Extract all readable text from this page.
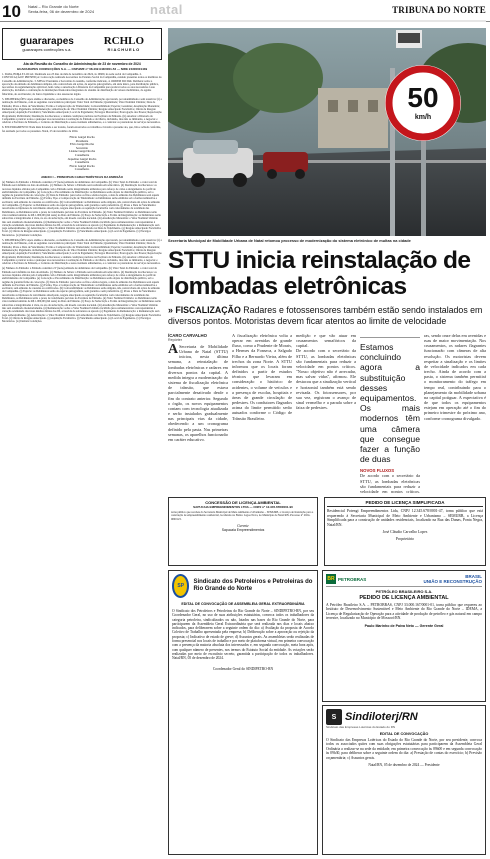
10 Natal – Rio Grande do Norte
Sexta-feira, 06 de dezembro de 2024	natal	TRIBUNA DO NORTE
guararapes
guararapes confecções s.a.
RCHLO
RIACHUELO
Ata da Reunião do Conselho de Administração de 23 de novembro de 2024
GUARARAPES CONFECÇÕES S.A. — CNPJ/MF nº 08.402.943/0001-52 — NIRE 24300001439

1. DATA, HORA E LOCAL: Realizada aos 23 dias do mês de novembro de 2024, às 10h00, na sede social da Companhia. 2. CONVOCAÇÃO E PRESENÇA: Convocação realizada nos termos do Estatuto Social da Companhia, estando presentes todos os membros do Conselho de Administração. 3. MESA: Presidente e Secretário da reunião, conforme indicado. 4. ORDEM DO DIA: Deliberar sobre a aprovação da emissão de debêntures simples, não conversíveis em ações, da espécie quirografária, em série única, para distribuição pública, nos termos da regulamentação aplicável, bem como a autorização à Diretoria da Companhia para praticar todos os atos necessários à sua efetivação, incluindo a contratação de instituições financeiras integrantes do sistema de distribuição de valores mobiliários, do agente fiduciário, do escriturador, do banco liquidante e dos assessores legais.

5. DELIBERAÇÕES: Após análise e discussão, os membros do Conselho de Administração aprovaram, por unanimidade e sem ressalvas: (i) a realização da Emissão, com as seguintes características principais: Valor Total da Emissão; Quantidade; Valor Nominal Unitário; Data de Emissão; Prazo e Data de Vencimento; Forma e Comprovação de Titularidade; Conversibilidade; Espécie; Garantias; Atualização Monetária; Remuneração; Pagamento da Remuneração; Amortização do Valor Nominal Unitário; Resgate Antecipado Facultativo; Oferta de Resgate Antecipado; Aquisição Facultativa; Vencimento Antecipado; Local de Pagamento; Encargos Moratórios; Prorrogação dos Prazos; Repactuação Programada; Publicidade; Destinação dos Recursos; e demais condições previstas na Escritura de Emissão. (ii) autorizar a Diretoria da Companhia a praticar todos e quaisquer atos necessários à realização da Emissão e da Oferta, incluindo, mas não se limitando, a negociar e celebrar a Escritura de Emissão, o Contrato de Distribuição e seus eventuais aditamentos, e a contratar os prestadores de serviços necessários.

6. ENCERRAMENTO: Nada mais havendo a ser tratado, foram encerrados os trabalhos e lavrada a presente ata, que, lida e achada conforme, foi assinada por todos os presentes. Natal, 23 de novembro de 2024.

Flávio Gurgel Rocha
Presidente
Elvio Gurgel Rocha
Secretário
Lisiane Gurgel Rocha
Conselheira
Jaqueline Gurgel Rocha
Conselheira
Flavio Gurgel Rocha
Conselheiro
ANEXO I – PRINCIPAIS CARACTERÍSTICAS DA EMISSÃO

(a) Número da Emissão: a Emissão constitui a 9ª (nona) emissão de debêntures da Companhia. (b) Valor Total da Emissão: o valor total da Emissão será definido na data de emissão. (c) Número de Séries: a Emissão será realizada em série única. (d) Destinação dos Recursos: os recursos líquidos obtidos pela Companhia com a Emissão serão integralmente utilizados para reforço de caixa e alongamento do perfil de endividamento da Companhia. (e) Colocação e Procedimento de Distribuição: as Debêntures serão objeto de distribuição pública, sob o regime de garantia firme de colocação. (f) Data de Emissão: para todos os fins e efeitos legais, a data de emissão das Debêntures será aquela definida na Escritura de Emissão. (g) Forma, Tipo e Comprovação de Titularidade: as Debêntures serão emitidas sob a forma nominativa e escritural, sem emissão de cautelas ou certificados. (h) Conversibilidade: as Debêntures serão simples, não conversíveis em ações de emissão da Companhia. (i) Espécie: as Debêntures serão da espécie quirografária, sem garantia e sem preferência. (j) Prazo e Data de Vencimento: ressalvadas as hipóteses de vencimento antecipado, resgate antecipado ou aquisição facultativa com cancelamento da totalidade das Debêntures, as Debêntures terão o prazo de vencimento previsto na Escritura de Emissão. (k) Valor Nominal Unitário: as Debêntures terão valor nominal unitário de R$ 1.000,00 (mil reais) na Data de Emissão. (l) Preço de Subscrição e Forma de Integralização: as Debêntures serão subscritas e integralizadas à vista, no ato da subscrição, em moeda corrente nacional. (m) Atualização Monetária: o Valor Nominal Unitário não será atualizado monetariamente. (n) Remuneração: sobre o Valor Nominal Unitário incidirão juros remuneratórios correspondentes à variação acumulada das taxas médias diárias dos DI, acrescida de sobretaxa ou spread. (o) Pagamento da Remuneração: a Remuneração será paga semestralmente. (p) Amortização: o Valor Nominal Unitário será amortizado na Data de Vencimento. (q) Resgate Antecipado Facultativo Total. (r) Oferta de Resgate Antecipado. (s) Aquisição Facultativa. (t) Vencimento Antecipado. (u) Local de Pagamento. (v) Encargos Moratórios. (w) Demais Condições.

5. DELIBERAÇÕES: Após análise e discussão, os membros do Conselho de Administração aprovaram, por unanimidade e sem ressalvas: (i) a realização da Emissão, com as seguintes características principais: Valor Total da Emissão; Quantidade; Valor Nominal Unitário; Data de Emissão; Prazo e Data de Vencimento; Forma e Comprovação de Titularidade; Conversibilidade; Espécie; Garantias; Atualização Monetária; Remuneração; Pagamento da Remuneração; Amortização do Valor Nominal Unitário; Resgate Antecipado Facultativo; Oferta de Resgate Antecipado; Aquisição Facultativa; Vencimento Antecipado; Local de Pagamento; Encargos Moratórios; Prorrogação dos Prazos; Repactuação Programada; Publicidade; Destinação dos Recursos; e demais condições previstas na Escritura de Emissão. (ii) autorizar a Diretoria da Companhia a praticar todos e quaisquer atos necessários à realização da Emissão e da Oferta, incluindo, mas não se limitando, a negociar e celebrar a Escritura de Emissão, o Contrato de Distribuição e seus eventuais aditamentos, e a contratar os prestadores de serviços necessários.

(a) Número da Emissão: a Emissão constitui a 9ª (nona) emissão de debêntures da Companhia. (b) Valor Total da Emissão: o valor total da Emissão será definido na data de emissão. (c) Número de Séries: a Emissão será realizada em série única. (d) Destinação dos Recursos: os recursos líquidos obtidos pela Companhia com a Emissão serão integralmente utilizados para reforço de caixa e alongamento do perfil de endividamento da Companhia. (e) Colocação e Procedimento de Distribuição: as Debêntures serão objeto de distribuição pública, sob o regime de garantia firme de colocação. (f) Data de Emissão: para todos os fins e efeitos legais, a data de emissão das Debêntures será aquela definida na Escritura de Emissão. (g) Forma, Tipo e Comprovação de Titularidade: as Debêntures serão emitidas sob a forma nominativa e escritural, sem emissão de cautelas ou certificados. (h) Conversibilidade: as Debêntures serão simples, não conversíveis em ações de emissão da Companhia. (i) Espécie: as Debêntures serão da espécie quirografária, sem garantia e sem preferência. (j) Prazo e Data de Vencimento: ressalvadas as hipóteses de vencimento antecipado, resgate antecipado ou aquisição facultativa com cancelamento da totalidade das Debêntures, as Debêntures terão o prazo de vencimento previsto na Escritura de Emissão. (k) Valor Nominal Unitário: as Debêntures terão valor nominal unitário de R$ 1.000,00 (mil reais) na Data de Emissão. (l) Preço de Subscrição e Forma de Integralização: as Debêntures serão subscritas e integralizadas à vista, no ato da subscrição, em moeda corrente nacional. (m) Atualização Monetária: o Valor Nominal Unitário não será atualizado monetariamente. (n) Remuneração: sobre o Valor Nominal Unitário incidirão juros remuneratórios correspondentes à variação acumulada das taxas médias diárias dos DI, acrescida de sobretaxa ou spread. (o) Pagamento da Remuneração: a Remuneração será paga semestralmente. (p) Amortização: o Valor Nominal Unitário será amortizado na Data de Vencimento. (q) Resgate Antecipado Facultativo Total. (r) Oferta de Resgate Antecipado. (s) Aquisição Facultativa. (t) Vencimento Antecipado. (u) Local de Pagamento. (v) Encargos Moratórios. (w) Demais Condições.

50
km/h
Secretaria Municipal de Mobilidade Urbana de Natal retomou processo de modernização do sistema eletrônico de multas na cidade
STTU inicia reinstalação de lombadas eletrônicas
» FISCALIZAÇÃO Radares e fotossensores também estão sendo instalados em diversos pontos. Motoristas devem ficar atentos ao limite de velocidade
ÍCARO CARVALHO
Repórter
A Secretaria de Mobilidade Urbana de Natal (STTU) iniciou, nesta última semana, a reinstalação de lombadas eletrônicas e radares em diversos pontos da capital. A medida integra a modernização do sistema de fiscalização eletrônica de trânsito, que estava parcialmente desativado desde o fim do contrato anterior. Segundo o órgão, os novos equipamentos contam com tecnologia atualizada e serão instalados gradualmente nas principais vias da cidade, obedecendo a um cronograma definido pela pasta. Nas primeiras semanas, os aparelhos funcionarão em caráter educativo.
A fiscalização eletrônica volta a operar em avenidas de grande fluxo, como a Prudente de Morais, a Hermes da Fonseca, a Salgado Filho e a Bernardo Vieira, além de trechos da zona Norte. A STTU informou que os locais foram definidos a partir de estudos técnicos que levaram em consideração o histórico de acidentes, o volume de veículos e a presença de escolas, hospitais e áreas de grande circulação de pedestres. Os condutores flagrados acima do limite permitido serão autuados conforme o Código de Trânsito Brasileiro.

medição e que vão atuar em cruzamentos semafóricos da capital.

De acordo com o secretário da STTU, as lombadas eletrônicas são fundamentais para reduzir a velocidade em pontos críticos. "Nosso objetivo não é arrecadar, mas salvar vidas", afirmou. Ele destacou que a sinalização vertical e horizontal também está sendo revisada. Os fotossensores, por sua vez, registram o avanço de sinal vermelho e a parada sobre a faixa de pedestres.

Estamos concluindo agora a substituição desses equipamentos. Os mais modernos têm uma câmera que consegue fazer a função de duas
NOVOS FLUXOS

De acordo com o secretário da STTU, as lombadas eletrônicas são fundamentais para reduzir a velocidade em pontos críticos.

ras, sendo onze delas em avenidas e ruas de maior movimentação. Nos cruzamentos, os radares flagrantes funcionarão com câmeras de alta resolução. Os motoristas devem respeitar a sinalização e os limites de velocidade indicados em cada trecho. Ainda de acordo com a pasta, o sistema também permitirá o monitoramento do tráfego em tempo real, contribuindo para o planejamento da mobilidade urbana na capital potiguar. A expectativa é de que todos os equipamentos estejam em operação até o fim do primeiro trimestre do próximo ano, conforme cronograma divulgado.
CONCESSÃO DE LICENÇA AMBIENTAL
SAPUCAIA EMPREENDIMENTOS LTDA — CNPJ nº 12.345.678/0001-90

torna público que recebeu da Secretaria Municipal de Meio Ambiente e Urbanismo – SEMURB, a Licença de Instalação para a construção de empreendimento residencial, localizado no Bairro Lagoa Nova, no Município de Natal/RN. Processo nº 2024-0000123.

Gerente
Sapucaia Empreendimentos
PEDIDO DE LICENÇA SIMPLIFICADA

Residencial Potengi Empreendimentos Ltda, CNPJ 12.345.678/0001-47, torna público que está requerendo à Secretaria Municipal de Meio Ambiente e Urbanismo – SEMURB, a Licença Simplificada para a construção de unidades residenciais, localizado na Rua das Dunas, Ponta Negra, Natal/RN.

José Cláudio Carvalho Lopes
Proprietário
SP
Sindicato dos Petroleiros e Petroleiras do Rio Grande do Norte
EDITAL DE CONVOCAÇÃO DE ASSEMBLEIA GERAL EXTRAORDINÁRIA

O Sindicato dos Petroleiros e Petroleiras do Rio Grande do Norte – SINDIPETRO-RN, por seu Coordenador Geral, no uso de suas atribuições estatutárias, convoca todos os trabalhadores da categoria petroleira, sindicalizados ou não, lotados nas bases do Rio Grande do Norte, para participarem da Assembleia Geral Extraordinária que será realizada nos dias e locais abaixo indicados, para deliberarem sobre a seguinte ordem do dia: a) Avaliação da proposta de Acordo Coletivo de Trabalho apresentada pela empresa; b) Deliberação sobre a aprovação ou rejeição da proposta; c) Indicativo de estado de greve; d) Assuntos gerais. As assembleias serão realizadas de forma presencial nos locais de trabalho e por meio de plataforma virtual, em primeira convocação com a presença da maioria absoluta dos interessados e, em segunda convocação, meia hora após, com qualquer número de presentes, nos termos do Estatuto Social da entidade. As votações serão realizadas por meio de escrutínio secreto, garantida a participação de todos os trabalhadores. Natal/RN, 05 de dezembro de 2024.

Coordenador Geral do SINDIPETRO-RN
BR PETROBRAS	BRASIL
UNIÃO E RECONSTRUÇÃO
PETRÓLEO BRASILEIRO S.A.
PEDIDO DE LICENÇA AMBIENTAL

A Petróleo Brasileiro S.A. – PETROBRAS, CNPJ 33.000.167/0001-01, torna público que requereu ao Instituto de Desenvolvimento Sustentável e Meio Ambiente do Rio Grande do Norte – IDEMA, a Licença de Regularização de Operação para a atividade de produção de petróleo e gás natural em campo terrestre, localizado no Município de Mossoró/RN.

Paulo Marinho de Paiva Neto — Gerente Geral
S Sindiloterj/RN
Sindicato das Empresas Lotéricas do Estado do RN
EDITAL DE CONVOCAÇÃO

O Sindicato das Empresas Lotéricas do Estado do Rio Grande do Norte, por seu presidente, convoca todos os associados quites com suas obrigações estatutárias para participarem da Assembleia Geral Ordinária a realizar-se na sede da entidade, em primeira convocação às 09h00 e em segunda convocação às 09h30, para deliberar sobre a seguinte ordem do dia: a) Prestação de contas do exercício; b) Previsão orçamentária; c) Assuntos gerais.

Natal/RN, 05 de dezembro de 2024 — Presidente
